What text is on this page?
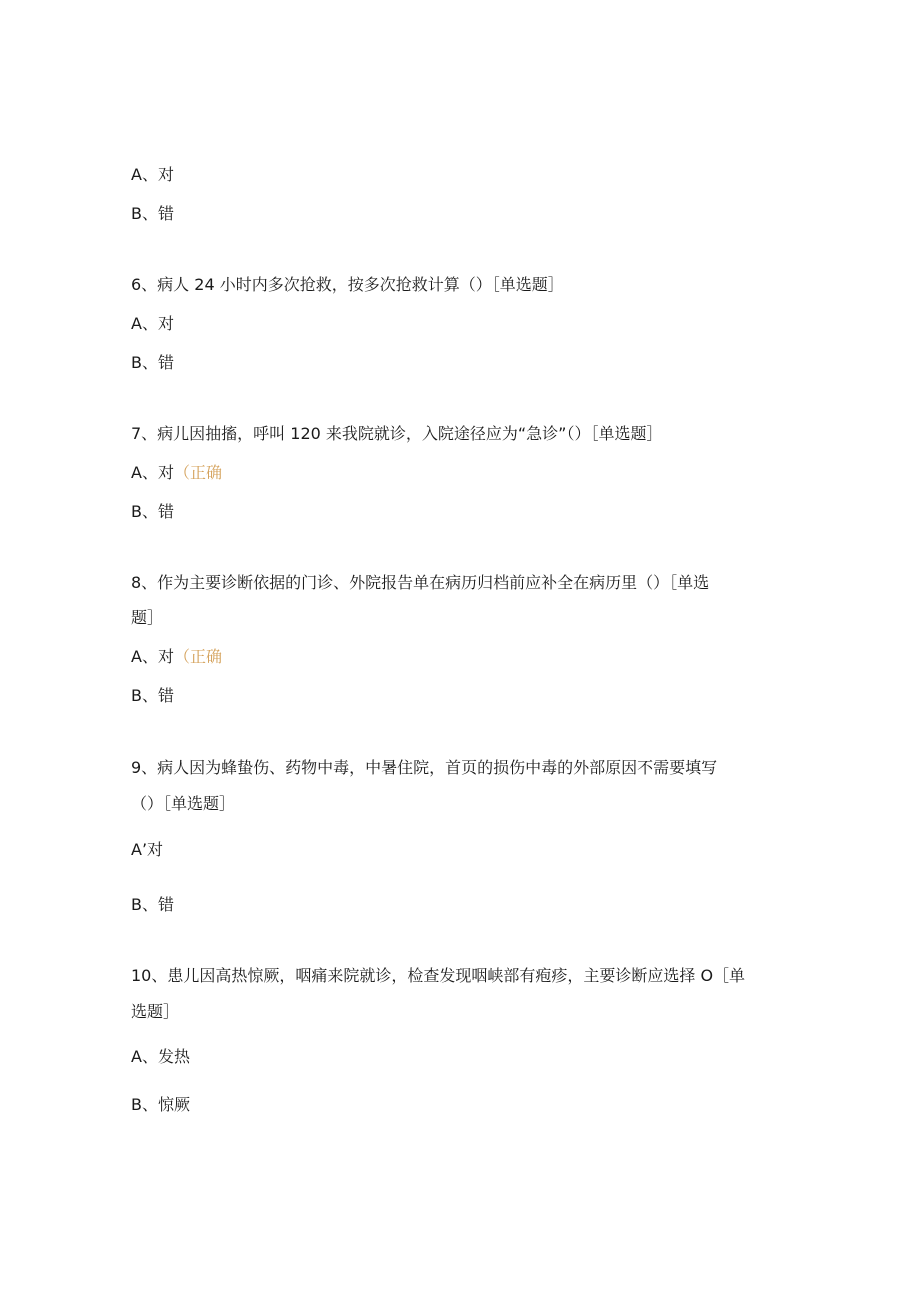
A、对
B、错
6、病人 24 小时内多次抢救，按多次抢救计算（）［单选题］
A、对
B、错
7、病儿因抽搐，呼叫 120 来我院就诊，入院途径应为“急诊”（）［单选题］
A、对（正确
B、错
8、作为主要诊断依据的门诊、外院报告单在病历归档前应补全在病历里（）［单选
题］
A、对（正确
B、错
9、病人因为蜂蛰伤、药物中毒，中暑住院，首页的损伤中毒的外部原因不需要填写
（）［单选题］
A’对
B、错
10、患儿因高热惊厥，咽痛来院就诊，检查发现咽峡部有疱疹，主要诊断应选择 O［单
选题］
A、发热
B、惊厥
